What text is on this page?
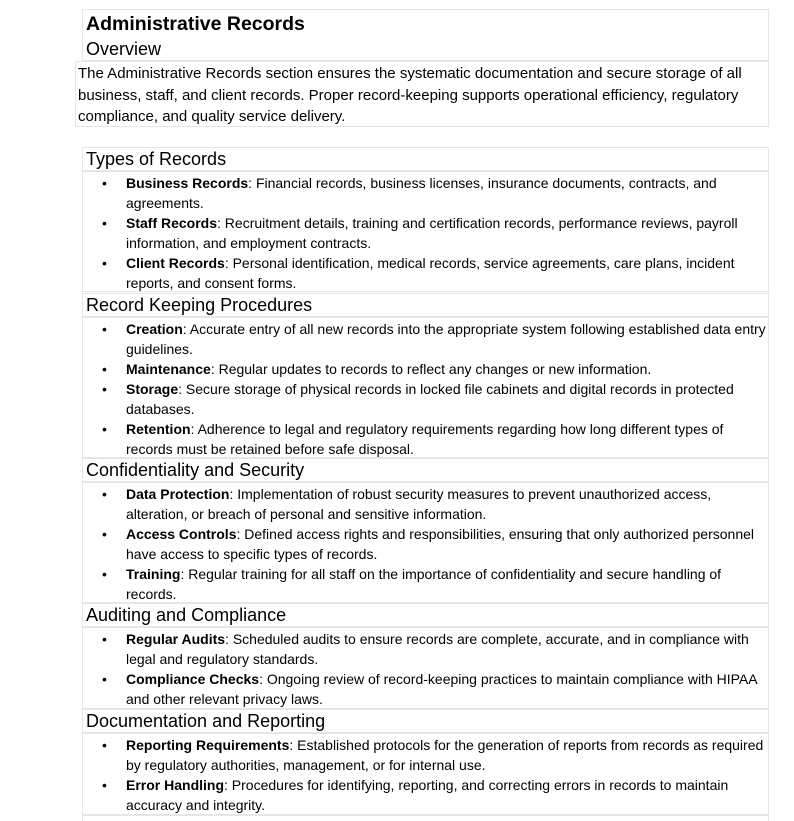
Administrative Records
Overview
The Administrative Records section ensures the systematic documentation and secure storage of all business, staff, and client records. Proper record-keeping supports operational efficiency, regulatory compliance, and quality service delivery.
Types of Records
• Business Records: Financial records, business licenses, insurance documents, contracts, and agreements.
• Staff Records: Recruitment details, training and certification records, performance reviews, payroll information, and employment contracts.
• Client Records: Personal identification, medical records, service agreements, care plans, incident reports, and consent forms.
Record Keeping Procedures
• Creation: Accurate entry of all new records into the appropriate system following established data entry guidelines.
• Maintenance: Regular updates to records to reflect any changes or new information.
• Storage: Secure storage of physical records in locked file cabinets and digital records in protected databases.
• Retention: Adherence to legal and regulatory requirements regarding how long different types of records must be retained before safe disposal.
Confidentiality and Security
• Data Protection: Implementation of robust security measures to prevent unauthorized access, alteration, or breach of personal and sensitive information.
• Access Controls: Defined access rights and responsibilities, ensuring that only authorized personnel have access to specific types of records.
• Training: Regular training for all staff on the importance of confidentiality and secure handling of records.
Auditing and Compliance
• Regular Audits: Scheduled audits to ensure records are complete, accurate, and in compliance with legal and regulatory standards.
• Compliance Checks: Ongoing review of record-keeping practices to maintain compliance with HIPAA and other relevant privacy laws.
Documentation and Reporting
• Reporting Requirements: Established protocols for the generation of reports from records as required by regulatory authorities, management, or for internal use.
• Error Handling: Procedures for identifying, reporting, and correcting errors in records to maintain accuracy and integrity.
